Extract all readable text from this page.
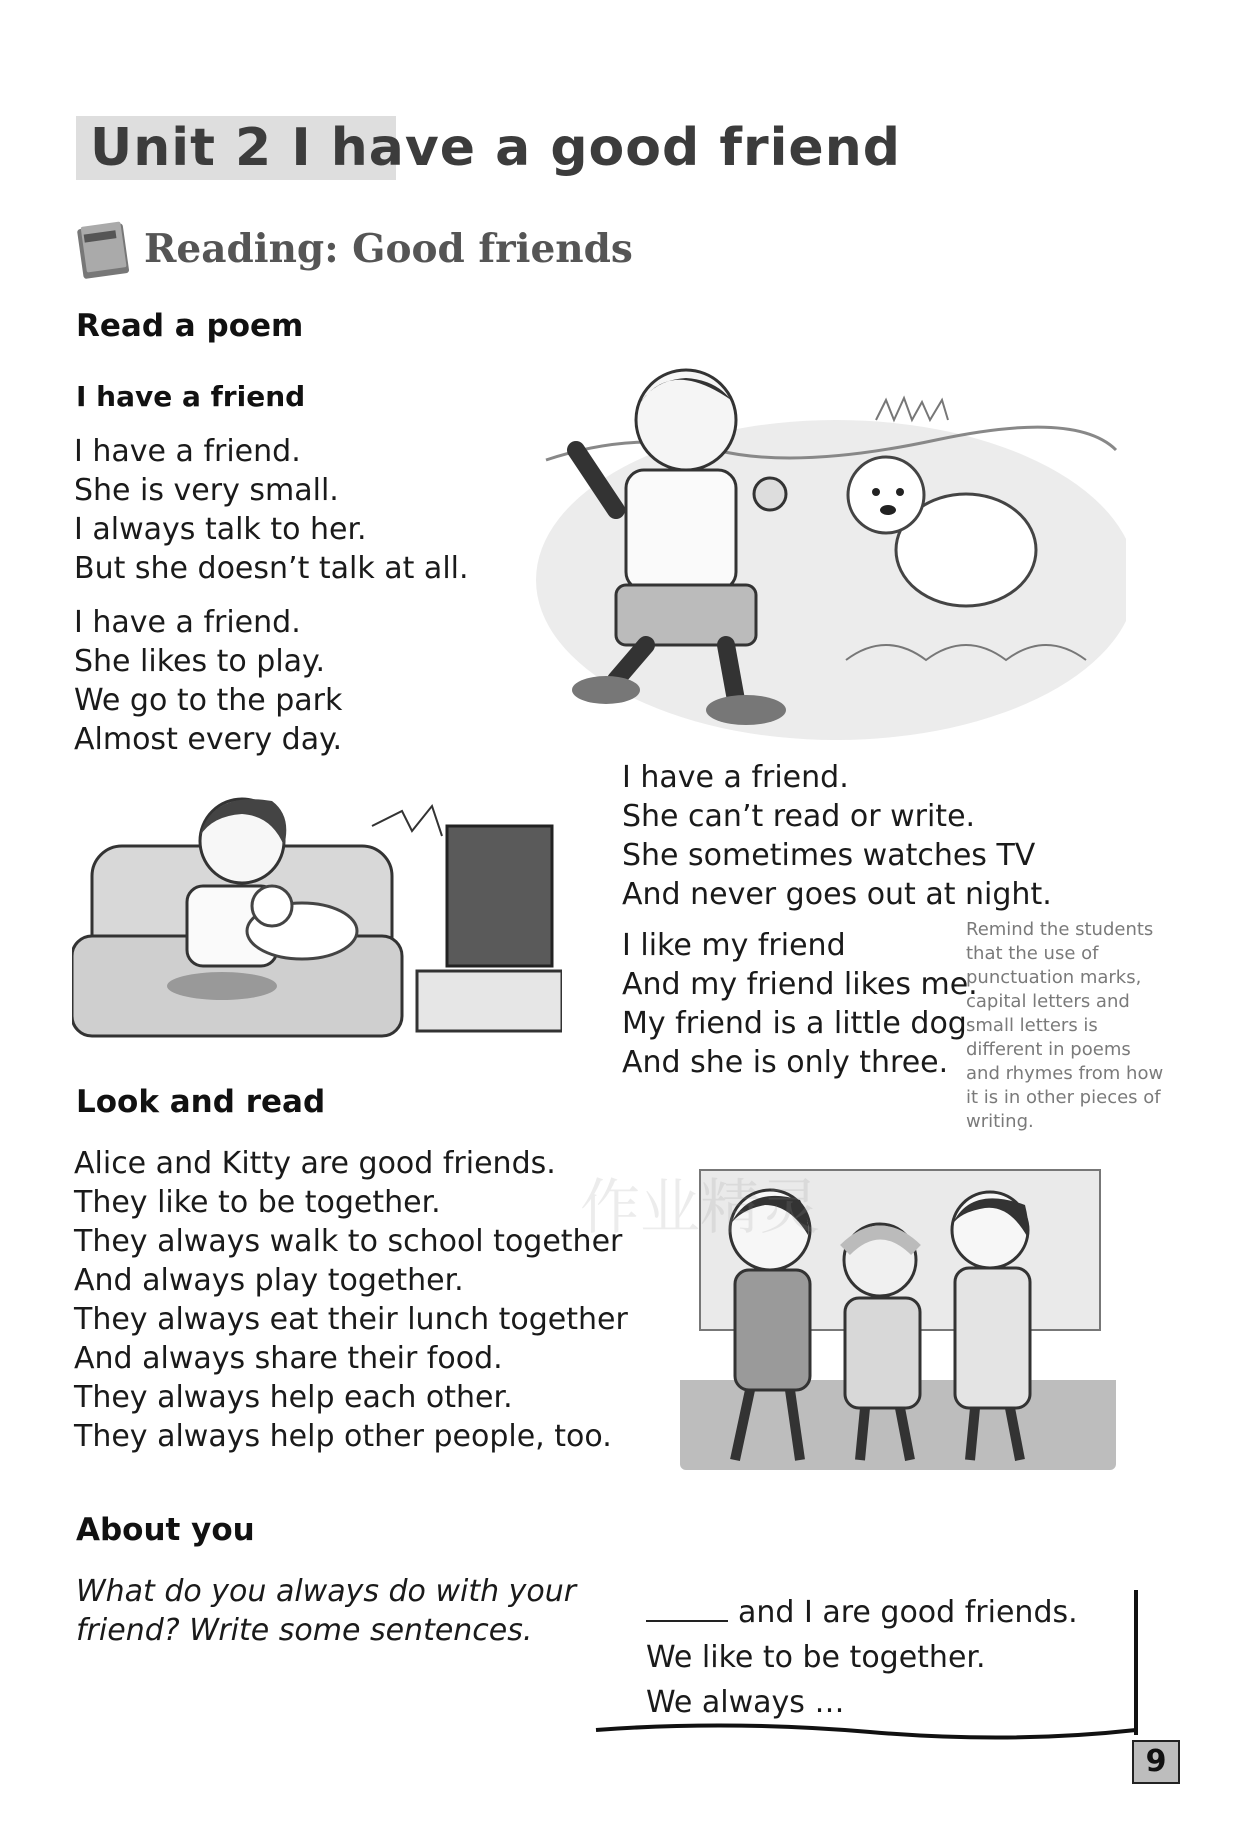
Unit 2 I have a good friend
Reading: Good friends
Read a poem
I have a friend
I have a friend.
She is very small.
I always talk to her.
But she doesn’t talk at all.
I have a friend.
She likes to play.
We go to the park
Almost every day.
I have a friend.
She can’t read or write.
She sometimes watches TV
And never goes out at night.
I like my friend
And my friend likes me.
My friend is a little dog
And she is only three.
Remind the students that the use of punctuation marks, capital letters and small letters is different in poems and rhymes from how it is in other pieces of writing.
Look and read
Alice and Kitty are good friends.
They like to be together.
They always walk to school together
And always play together.
They always eat their lunch together
And always share their food.
They always help each other.
They always help other people, too.
作业精灵
About you
What do you always do with your friend? Write some sentences.
and I are good friends.
We like to be together.
We always …
9
